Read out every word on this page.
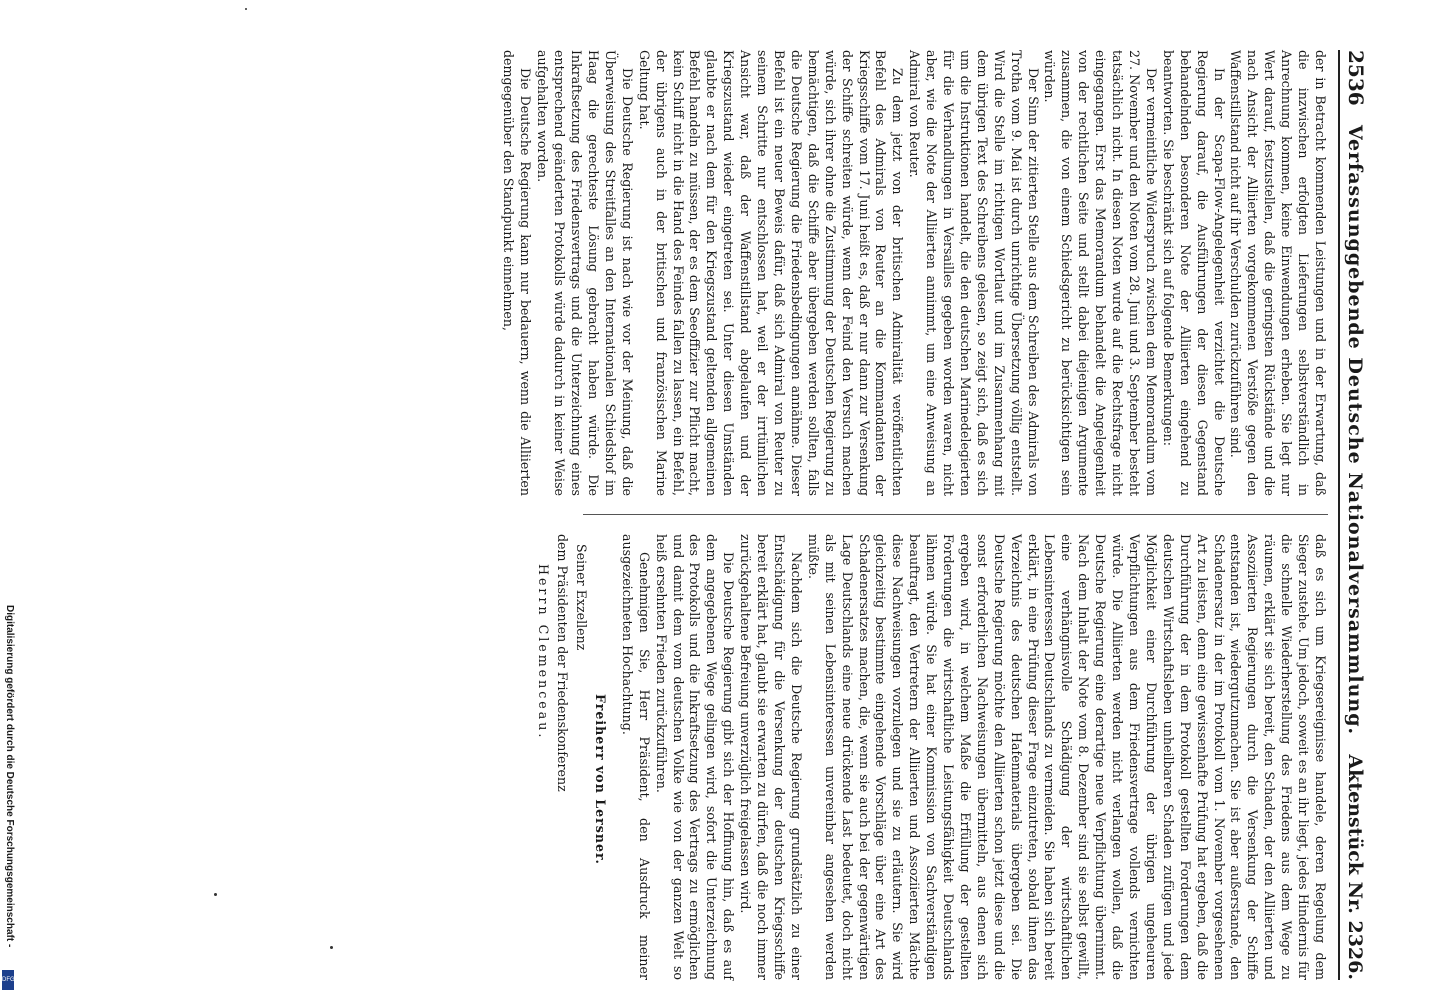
2536
Verfassunggebende Deutsche Nationalversammlung.
Aktenstück Nr. 2326.

der in Betracht kommenden Leistungen und in der Erwartung, daß die inzwischen erfolgten Lieferungen selbstverständlich in Anrechnung kommen, keine Einwendungen erheben. Sie legt nur Wert darauf, festzustellen, daß die geringsten Rückstände und die nach Ansicht der Alliierten vorgekommenen Verstöße gegen den Waffenstillstand nicht auf ihr Verschulden zurückzuführen sind.

In der Scapa-Flow-Angelegenheit verzichtet die Deutsche Regierung darauf, die Ausführungen der diesen Gegenstand behandelnden besonderen Note der Alliierten eingehend zu beantworten. Sie beschränkt sich auf folgende Bemerkungen:

Der vermeintliche Widerspruch zwischen dem Memorandum vom 27. November und den Noten vom 28. Juni und 3. September besteht tatsächlich nicht. In diesen Noten wurde auf die Rechtsfrage nicht eingegangen. Erst das Memorandum behandelt die Angelegenheit von der rechtlichen Seite und stellt dabei diejenigen Argumente zusammen, die von einem Schiedsgericht zu berücksichtigen sein würden.

Der Sinn der zitierten Stelle aus dem Schreiben des Admirals von Trotha vom 9. Mai ist durch unrichtige Übersetzung völlig entstellt. Wird die Stelle im richtigen Wortlaut und im Zusammenhang mit dem übrigen Text des Schreibens gelesen, so zeigt sich, daß es sich um die Instruktionen handelt, die den deutschen Marinedelegierten für die Verhandlungen in Versailles gegeben worden waren, nicht aber, wie die Note der Alliierten annimmt, um eine Anweisung an Admiral von Reuter.

Zu dem jetzt von der britischen Admiralität veröffentlichten Befehl des Admirals von Reuter an die Kommandanten der Kriegsschiffe vom 17. Juni heißt es, daß er nur dann zur Versenkung der Schiffe schreiten würde, wenn der Feind den Versuch machen würde, sich ihrer ohne die Zustimmung der Deutschen Regierung zu bemächtigen, daß die Schiffe aber übergeben werden sollten, falls die Deutsche Regierung die Friedensbedingungen annähme. Dieser Befehl ist ein neuer Beweis dafür, daß sich Admiral von Reuter zu seinem Schritte nur entschlossen hat, weil er der irrtümlichen Ansicht war, daß der Waffenstillstand abgelaufen und der Kriegszustand wieder eingetreten sei. Unter diesen Umständen glaubte er nach dem für den Kriegszustand geltenden allgemeinen Befehl handeln zu müssen, der es dem Seeoffizier zur Pflicht macht, kein Schiff nicht in die Hand des Feindes fallen zu lassen, ein Befehl, der übrigens auch in der britischen und französischen Marine Geltung hat.

Die Deutsche Regierung ist nach wie vor der Meinung, daß die Überweisung des Streitfalles an den Internationalen Schiedshof im Haag die gerechteste Lösung gebracht haben würde. Die Inkraftsetzung des Friedensvertrags und die Unterzeichnung eines entsprechend geänderten Protokolls würde dadurch in keiner Weise aufgehalten worden.

Die Deutsche Regierung kann nur bedauern, wenn die Alliierten demgegenüber den Standpunkt einnehmen,

daß es sich um Kriegsereignisse handele, deren Regelung dem Sieger zustehe. Um jedoch, soweit es an ihr liegt, jedes Hindernis für die schnelle Wiederherstellung des Friedens aus dem Wege zu räumen, erklärt sie sich bereit, den Schaden, der den Alliierten und Assoziierten Regierungen durch die Versenkung der Schiffe entstanden ist, wiedergutzumachen. Sie ist aber außerstande, den Schadenersatz in der im Protokoll vom 1. November vorgesehenen Art zu leisten, denn eine gewissenhafte Prüfung hat ergeben, daß die Durchführung der in dem Protokoll gestellten Forderungen dem deutschen Wirtschaftsleben unheilbaren Schaden zufügen und jede Möglichkeit einer Durchführung der übrigen ungeheuren Verpflichtungen aus dem Friedensvertrage vollends vernichten würde. Die Alliierten werden nicht verlangen wollen, daß die Deutsche Regierung eine derartige neue Verpflichtung übernimmt. Nach dem Inhalt der Note vom 8. Dezember sind sie selbst gewillt, eine verhängnisvolle Schädigung der wirtschaftlichen Lebensinteressen Deutschlands zu vermeiden. Sie haben sich bereit erklärt, in eine Prüfung dieser Frage einzutreten, sobald ihnen das Verzeichnis des deutschen Hafenmaterials übergeben sei. Die Deutsche Regierung möchte den Alliierten schon jetzt diese und die sonst erforderlichen Nachweisungen übermitteln, aus denen sich ergeben wird, in welchem Maße die Erfüllung der gestellten Forderungen die wirtschaftliche Leistungsfähigkeit Deutschlands lähmen würde. Sie hat einer Kommission von Sachverständigen beauftragt, den Vertretern der Alliierten und Assoziierten Mächte diese Nachweisungen vorzulegen und sie zu erläutern. Sie wird gleichzeitig bestimmte eingehende Vorschläge über eine Art des Schadenersatzes machen, die, wenn sie auch bei der gegenwärtigen Lage Deutschlands eine neue drückende Last bedeutet, doch nicht als mit seinen Lebensinteressen unvereinbar angesehen werden müßte.

Nachdem sich die Deutsche Regierung grundsätzlich zu einer Entschädigung für die Versenkung der deutschen Kriegsschiffe bereit erklärt hat, glaubt sie erwarten zu dürfen, daß die noch immer zurückgehaltene Befreiung unverzüglich freigelassen wird.

Die Deutsche Regierung gibt sich der Hoffnung hin, daß es auf dem angegebenen Wege gelingen wird, sofort die Unterzeichnung des Protokolls und die Inkraftsetzung des Vertrags zu ermöglichen und damit dem vom deutschen Volke wie von der ganzen Welt so heiß ersehnten Frieden zurückzuführen.

Genehmigen Sie, Herr Präsident, den Ausdruck meiner ausgezeichneten Hochachtung.

Freiherr von Lersner.
Seiner Exzellenz
dem Präsidenten der Friedenskonferenz
Herrn Clemenceau.
Digitalisierung gefördert durch die Deutsche Forschungsgemeinschaft -
DFG
